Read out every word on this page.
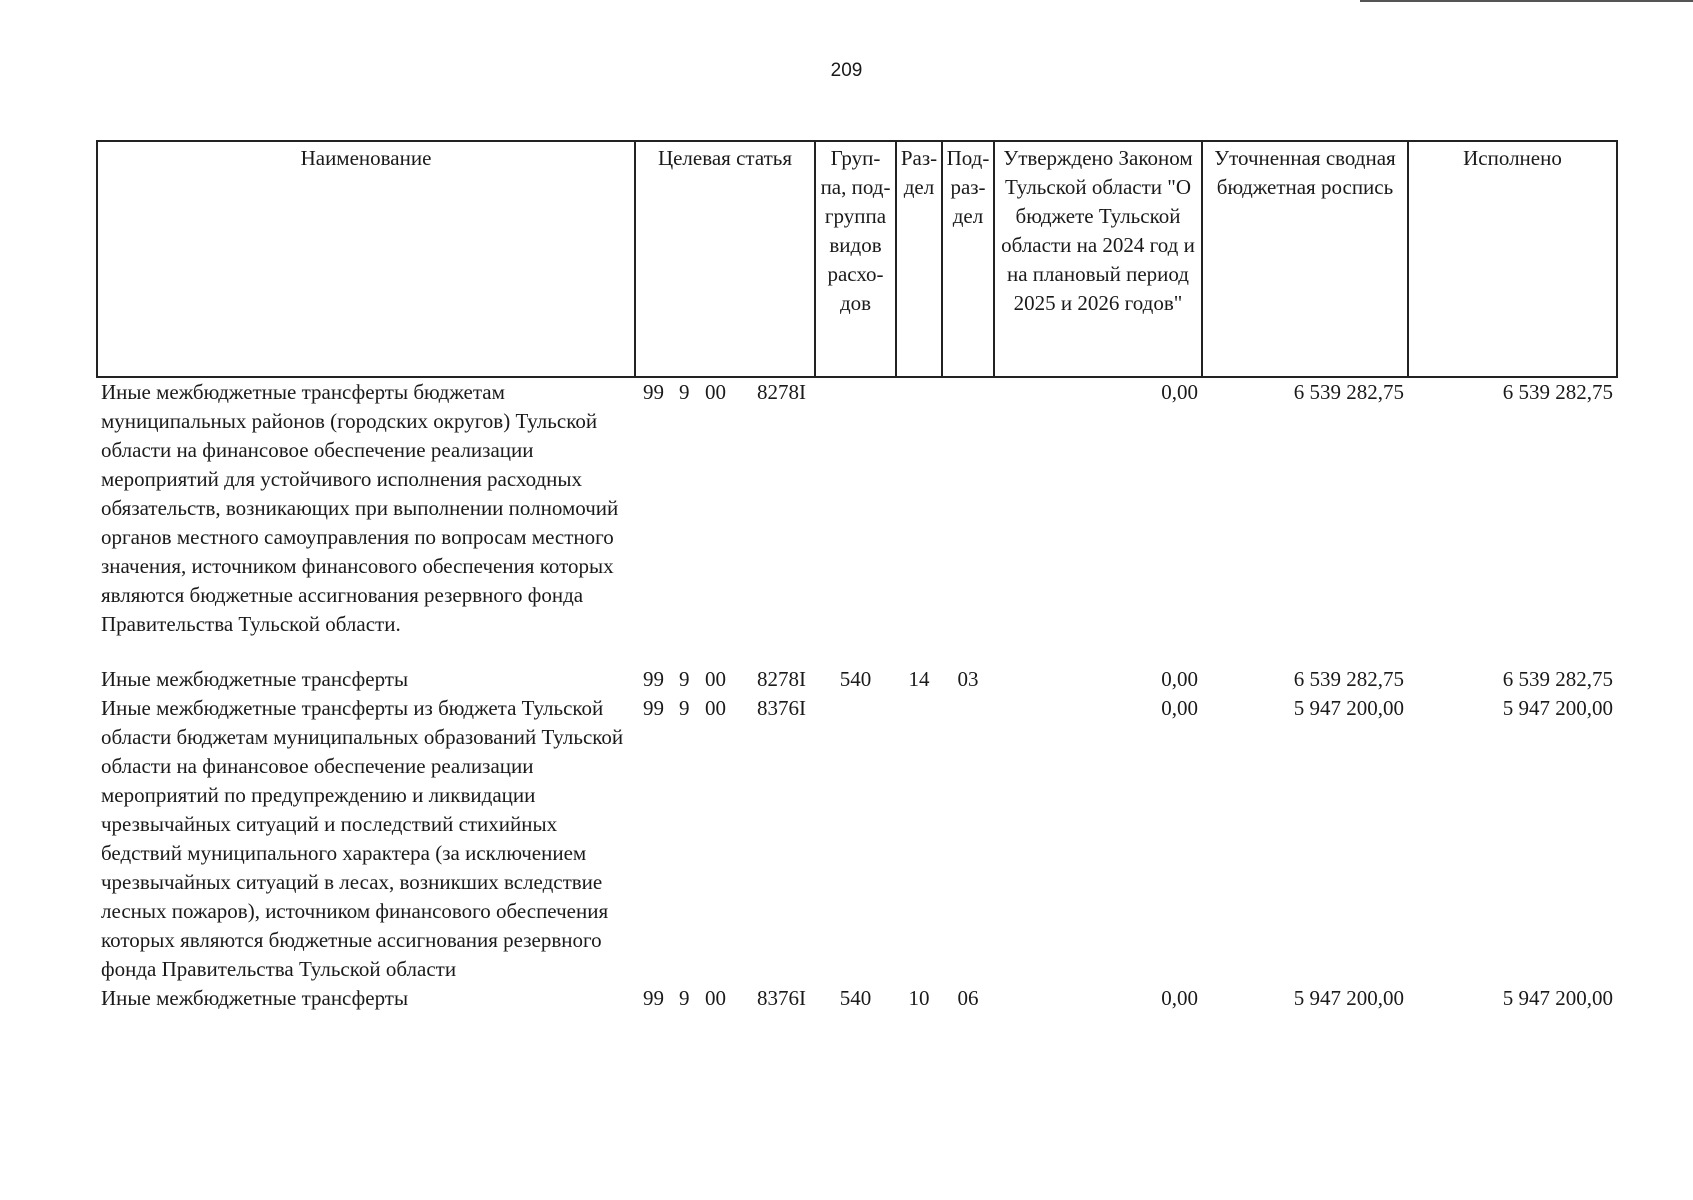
209
Наименование	Целевая статья	Груп-па, под-группа видов расхо-дов	Раз-дел	Под-раз-дел	Утверждено Законом Тульской области "О бюджете Тульской области на 2024 год и на плановый период 2025 и 2026 годов"	Уточненная сводная бюджетная роспись	Исполнено
Иные межбюджетные трансферты бюджетам муниципальных районов (городских округов) Тульской области на финансовое обеспечение реализации мероприятий для устойчивого исполнения расходных обязательств, возникающих при выполнении полномочий органов местного самоуправления по вопросам местного значения, источником финансового обеспечения которых являются бюджетные ассигнования резервного фонда Правительства Тульской области.	99 9 00 8278I				0,00	6 539 282,75	6 539 282,75

Иные межбюджетные трансферты	99 9 00 8278I	540	14	03	0,00	6 539 282,75	6 539 282,75
Иные межбюджетные трансферты из бюджета Тульской области бюджетам муниципальных образований Тульской области на финансовое обеспечение реализации мероприятий по предупреждению и ликвидации чрезвычайных ситуаций и последствий стихийных бедствий муниципального характера (за исключением чрезвычайных ситуаций в лесах, возникших вследствие лесных пожаров), источником финансового обеспечения которых являются бюджетные ассигнования резервного фонда Правительства Тульской области	99 9 00 8376I				0,00	5 947 200,00	5 947 200,00
Иные межбюджетные трансферты	99 9 00 8376I	540	10	06	0,00	5 947 200,00	5 947 200,00
